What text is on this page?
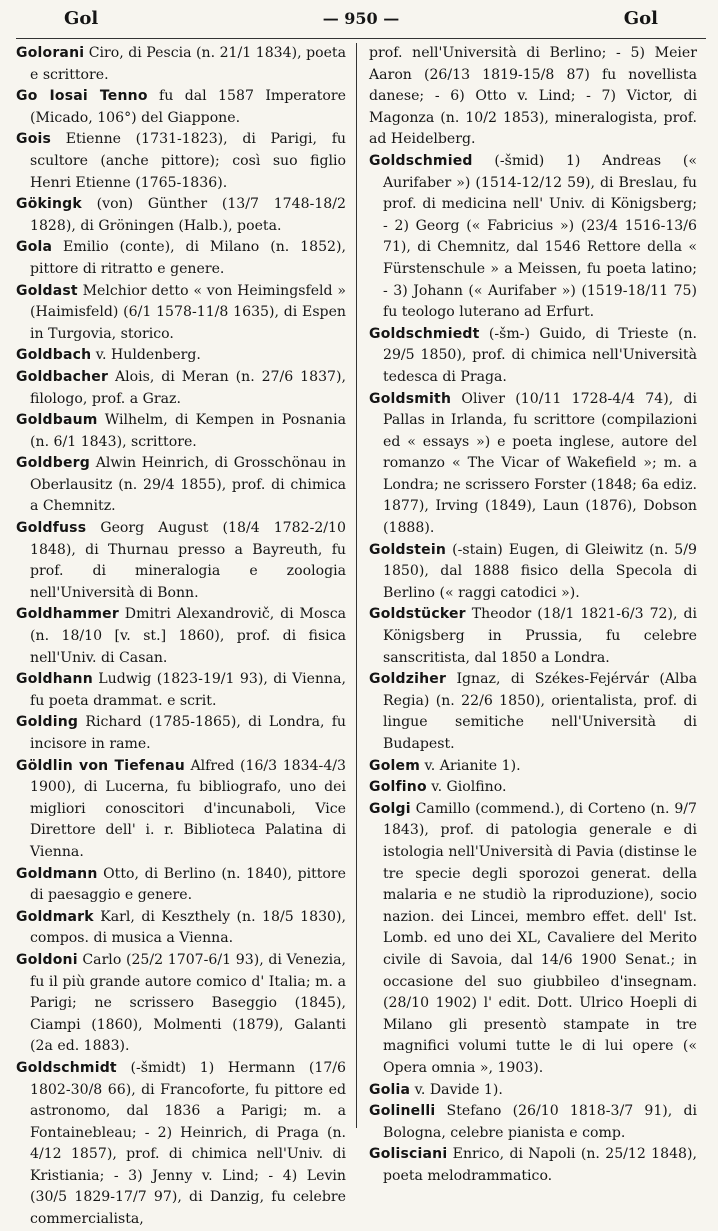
Gol	— 950 —	Gol

Golorani Ciro, di Pescia (n. 21/1 1834), poeta e scrittore.

Go Iosai Tenno fu dal 1587 Imperatore (Micado, 106°) del Giappone.

Gois Etienne (1731-1823), di Parigi, fu scultore (anche pittore); così suo figlio Henri Etienne (1765-1836).

Gökingk (von) Günther (13/7 1748-18/2 1828), di Gröningen (Halb.), poeta.

Gola Emilio (conte), di Milano (n. 1852), pittore di ritratto e genere.

Goldast Melchior detto « von Heimingsfeld » (Haimisfeld) (6/1 1578-11/8 1635), di Espen in Turgovia, storico.

Goldbach v. Huldenberg.

Goldbacher Alois, di Meran (n. 27/6 1837), filologo, prof. a Graz.

Goldbaum Wilhelm, di Kempen in Posnania (n. 6/1 1843), scrittore.

Goldberg Alwin Heinrich, di Grosschönau in Oberlausitz (n. 29/4 1855), prof. di chimica a Chemnitz.

Goldfuss Georg August (18/4 1782-2/10 1848), di Thurnau presso a Bayreuth, fu prof. di mineralogia e zoologia nell'Università di Bonn.

Goldhammer Dmitri Alexandrovič, di Mosca (n. 18/10 [v. st.] 1860), prof. di fisica nell'Univ. di Casan.

Goldhann Ludwig (1823-19/1 93), di Vienna, fu poeta drammat. e scrit.

Golding Richard (1785-1865), di Londra, fu incisore in rame.

Göldlin von Tiefenau Alfred (16/3 1834-4/3 1900), di Lucerna, fu bibliografo, uno dei migliori conoscitori d'incunaboli, Vice Direttore dell' i. r. Biblioteca Palatina di Vienna.

Goldmann Otto, di Berlino (n. 1840), pittore di paesaggio e genere.

Goldmark Karl, di Keszthely (n. 18/5 1830), compos. di musica a Vienna.

Goldoni Carlo (25/2 1707-6/1 93), di Venezia, fu il più grande autore comico d' Italia; m. a Parigi; ne scrissero Baseggio (1845), Ciampi (1860), Molmenti (1879), Galanti (2a ed. 1883).

Goldschmidt (-šmidt) 1) Hermann (17/6 1802-30/8 66), di Francoforte, fu pittore ed astronomo, dal 1836 a Parigi; m. a Fontainebleau; - 2) Heinrich, di Praga (n. 4/12 1857), prof. di chimica nell'Univ. di Kristiania; - 3) Jenny v. Lind; - 4) Levin (30/5 1829-17/7 97), di Danzig, fu celebre commercialista,

prof. nell'Università di Berlino; - 5) Meier Aaron (26/13 1819-15/8 87) fu novellista danese; - 6) Otto v. Lind; - 7) Victor, di Magonza (n. 10/2 1853), mineralogista, prof. ad Heidelberg.

Goldschmied (-šmid) 1) Andreas (« Aurifaber ») (1514-12/12 59), di Breslau, fu prof. di medicina nell' Univ. di Königsberg; - 2) Georg (« Fabricius ») (23/4 1516-13/6 71), di Chemnitz, dal 1546 Rettore della « Fürstenschule » a Meissen, fu poeta latino; - 3) Johann (« Aurifaber ») (1519-18/11 75) fu teologo luterano ad Erfurt.

Goldschmiedt (-šm-) Guido, di Trieste (n. 29/5 1850), prof. di chimica nell'Università tedesca di Praga.

Goldsmith Oliver (10/11 1728-4/4 74), di Pallas in Irlanda, fu scrittore (compilazioni ed « essays ») e poeta inglese, autore del romanzo « The Vicar of Wakefield »; m. a Londra; ne scrissero Forster (1848; 6a ediz. 1877), Irving (1849), Laun (1876), Dobson (1888).

Goldstein (-stain) Eugen, di Gleiwitz (n. 5/9 1850), dal 1888 fisico della Specola di Berlino (« raggi catodici »).

Goldstücker Theodor (18/1 1821-6/3 72), di Königsberg in Prussia, fu celebre sanscritista, dal 1850 a Londra.

Goldziher Ignaz, di Székes-Fejérvár (Alba Regia) (n. 22/6 1850), orientalista, prof. di lingue semitiche nell'Università di Budapest.

Golem v. Arianite 1).

Golfino v. Giolfino.

Golgi Camillo (commend.), di Corteno (n. 9/7 1843), prof. di patologia generale e di istologia nell'Università di Pavia (distinse le tre specie degli sporozoi generat. della malaria e ne studiò la riproduzione), socio nazion. dei Lincei, membro effet. dell' Ist. Lomb. ed uno dei XL, Cavaliere del Merito civile di Savoia, dal 14/6 1900 Senat.; in occasione del suo giubbileo d'insegnam. (28/10 1902) l' edit. Dott. Ulrico Hoepli di Milano gli presentò stampate in tre magnifici volumi tutte le di lui opere (« Opera omnia », 1903).

Golia v. Davide 1).

Golinelli Stefano (26/10 1818-3/7 91), di Bologna, celebre pianista e comp.

Golisciani Enrico, di Napoli (n. 25/12 1848), poeta melodrammatico.
